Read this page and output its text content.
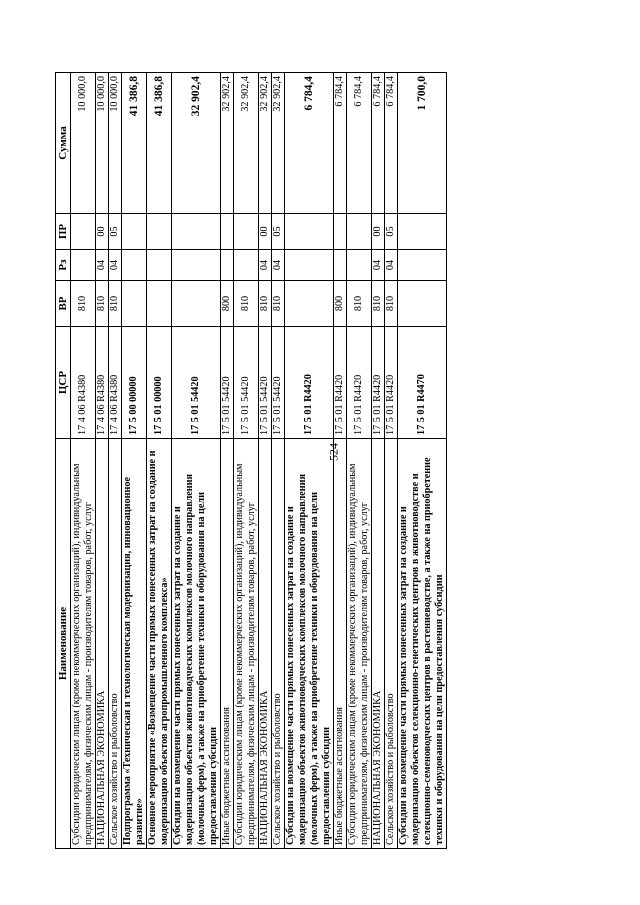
524
Наименование	ЦСР	ВР	Рз	ПР	Сумма
Субсидии юридическим лицам (кроме некоммерческих организаций), индивидуальным предпринимателям, физическим лицам - производителям товаров, работ, услуг	17 4 06 R4380	810			10 000,0
НАЦИОНАЛЬНАЯ ЭКОНОМИКА	17 4 06 R4380	810	04	00	10 000,0
Сельское хозяйство и рыболовство	17 4 06 R4380	810	04	05	10 000,0
Подпрограмма «Техническая и технологическая модернизация, инновационное развитие»	17 5 00 00000				41 386,8
Основное мероприятие «Возмещение части прямых понесенных затрат на создание и модернизацию объектов агропромышленного комплекса»	17 5 01 00000				41 386,8
Субсидии на возмещение части прямых понесенных затрат на создание и модернизацию объектов животноводческих комплексов молочного направления (молочных ферм), а также на приобретение техники и оборудования на цели предоставления субсидии	17 5 01 54420				32 902,4
Иные бюджетные ассигнования	17 5 01 54420	800			32 902,4
Субсидии юридическим лицам (кроме некоммерческих организаций), индивидуальным предпринимателям, физическим лицам - производителям товаров, работ, услуг	17 5 01 54420	810			32 902,4
НАЦИОНАЛЬНАЯ ЭКОНОМИКА	17 5 01 54420	810	04	00	32 902,4
Сельское хозяйство и рыболовство	17 5 01 54420	810	04	05	32 902,4
Субсидии на возмещение части прямых понесенных затрат на создание и модернизацию объектов животноводческих комплексов молочного направления (молочных ферм), а также на приобретение техники и оборудования на цели предоставления субсидии	17 5 01 R4420				6 784,4
Иные бюджетные ассигнования	17 5 01 R4420	800			6 784,4
Субсидии юридическим лицам (кроме некоммерческих организаций), индивидуальным предпринимателям, физическим лицам - производителям товаров, работ, услуг	17 5 01 R4420	810			6 784,4
НАЦИОНАЛЬНАЯ ЭКОНОМИКА	17 5 01 R4420	810	04	00	6 784,4
Сельское хозяйство и рыболовство	17 5 01 R4420	810	04	05	6 784,4
Субсидии на возмещение части прямых понесенных затрат на создание и модернизацию объектов селекционно-генетических центров в животноводстве и селекционно-семеноводческих центров в растениеводстве, а также на приобретение техники и оборудования на цели предоставления субсидии	17 5 01 R4470				1 700,0
